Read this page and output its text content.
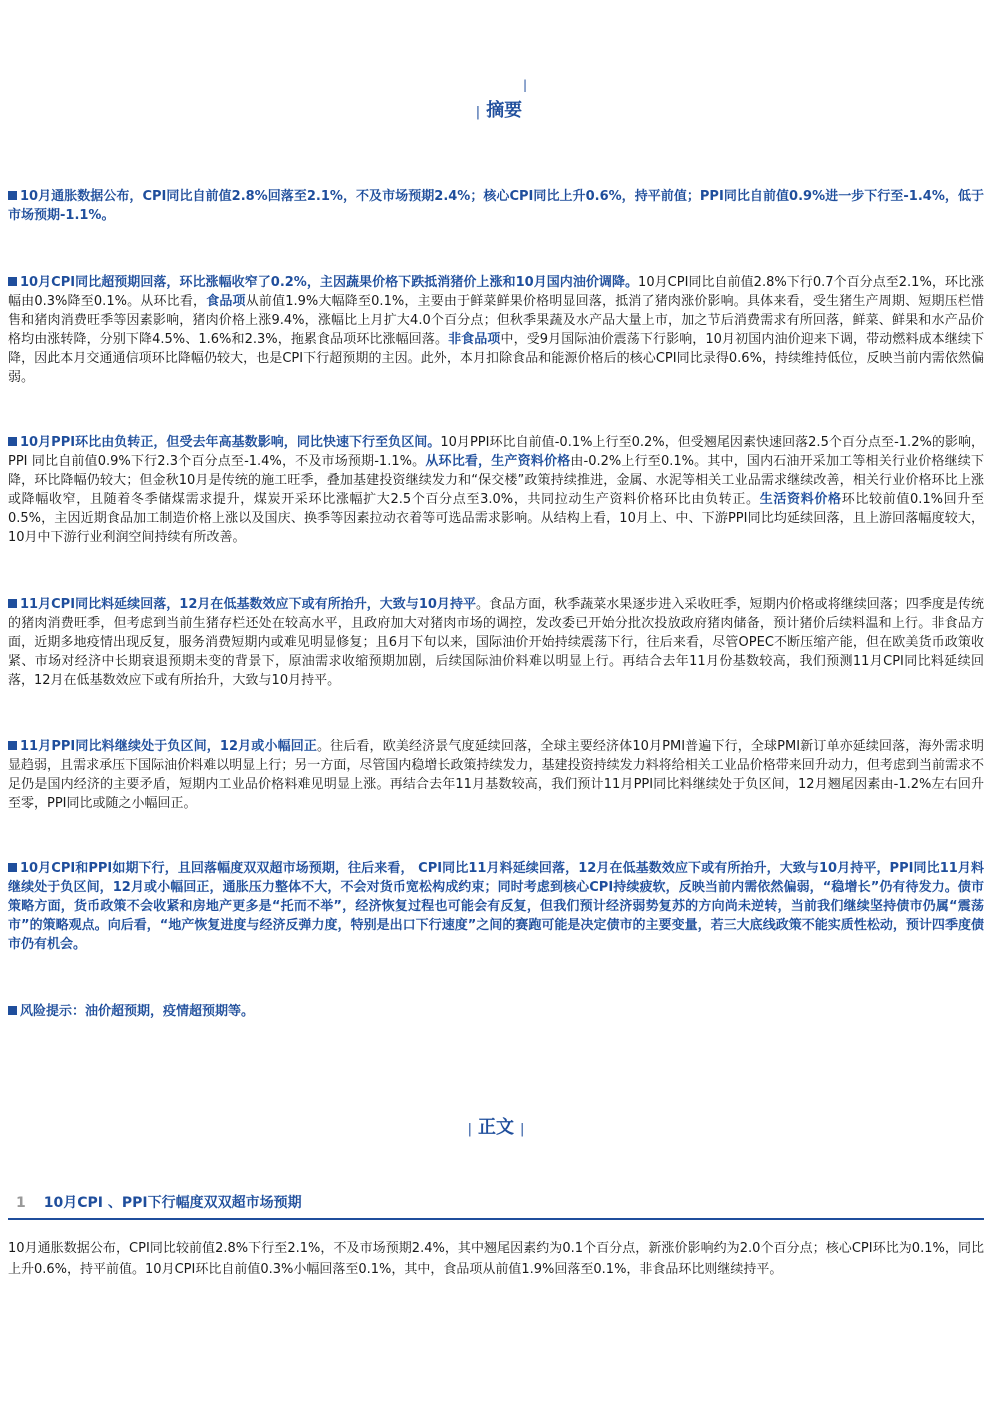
|
| 摘要
10月通胀数据公布，CPI同比自前值2.8%回落至2.1%，不及市场预期2.4%；核心CPI同比上升0.6%，持平前值；PPI同比自前值0.9%进一步下行至-1.4%，低于市场预期-1.1%。
10月CPI同比超预期回落，环比涨幅收窄了0.2%，主因蔬果价格下跌抵消猪价上涨和10月国内油价调降。10月CPI同比自前值2.8%下行0.7个百分点至2.1%，环比涨幅由0.3%降至0.1%。从环比看，食品项从前值1.9%大幅降至0.1%，主要由于鲜菜鲜果价格明显回落，抵消了猪肉涨价影响。具体来看，受生猪生产周期、短期压栏惜售和猪肉消费旺季等因素影响，猪肉价格上涨9.4%，涨幅比上月扩大4.0个百分点；但秋季果蔬及水产品大量上市，加之节后消费需求有所回落，鲜菜、鲜果和水产品价格均由涨转降，分别下降4.5%、1.6%和2.3%，拖累食品项环比涨幅回落。非食品项中，受9月国际油价震荡下行影响，10月初国内油价迎来下调，带动燃料成本继续下降，因此本月交通通信项环比降幅仍较大，也是CPI下行超预期的主因。此外，本月扣除食品和能源价格后的核心CPI同比录得0.6%，持续维持低位，反映当前内需依然偏弱。
10月PPI环比由负转正，但受去年高基数影响，同比快速下行至负区间。10月PPI环比自前值-0.1%上行至0.2%，但受翘尾因素快速回落2.5个百分点至-1.2%的影响，PPI 同比自前值0.9%下行2.3个百分点至-1.4%，不及市场预期-1.1%。从环比看，生产资料价格由-0.2%上行至0.1%。其中，国内石油开采加工等相关行业价格继续下降，环比降幅仍较大；但金秋10月是传统的施工旺季，叠加基建投资继续发力和“保交楼”政策持续推进，金属、水泥等相关工业品需求继续改善，相关行业价格环比上涨或降幅收窄，且随着冬季储煤需求提升，煤炭开采环比涨幅扩大2.5个百分点至3.0%，共同拉动生产资料价格环比由负转正。生活资料价格环比较前值0.1%回升至0.5%，主因近期食品加工制造价格上涨以及国庆、换季等因素拉动衣着等可选品需求影响。从结构上看，10月上、中、下游PPI同比均延续回落，且上游回落幅度较大，10月中下游行业利润空间持续有所改善。
11月CPI同比料延续回落，12月在低基数效应下或有所抬升，大致与10月持平。食品方面，秋季蔬菜水果逐步进入采收旺季，短期内价格或将继续回落；四季度是传统的猪肉消费旺季，但考虑到当前生猪存栏还处在较高水平，且政府加大对猪肉市场的调控，发改委已开始分批次投放政府猪肉储备，预计猪价后续料温和上行。非食品方面，近期多地疫情出现反复，服务消费短期内或难见明显修复；且6月下旬以来，国际油价开始持续震荡下行，往后来看，尽管OPEC不断压缩产能，但在欧美货币政策收紧、市场对经济中长期衰退预期未变的背景下，原油需求收缩预期加剧，后续国际油价料难以明显上行。再结合去年11月份基数较高，我们预测11月CPI同比料延续回落，12月在低基数效应下或有所抬升，大致与10月持平。
11月PPI同比料继续处于负区间，12月或小幅回正。往后看，欧美经济景气度延续回落，全球主要经济体10月PMI普遍下行，全球PMI新订单亦延续回落，海外需求明显趋弱，且需求承压下国际油价料难以明显上行；另一方面，尽管国内稳增长政策持续发力，基建投资持续发力料将给相关工业品价格带来回升动力，但考虑到当前需求不足仍是国内经济的主要矛盾，短期内工业品价格料难见明显上涨。再结合去年11月基数较高，我们预计11月PPI同比料继续处于负区间，12月翘尾因素由-1.2%左右回升至零，PPI同比或随之小幅回正。
10月CPI和PPI如期下行，且回落幅度双双超市场预期，往后来看， CPI同比11月料延续回落，12月在低基数效应下或有所抬升，大致与10月持平，PPI同比11月料继续处于负区间，12月或小幅回正，通胀压力整体不大，不会对货币宽松构成约束；同时考虑到核心CPI持续疲软，反映当前内需依然偏弱，“稳增长”仍有待发力。债市策略方面，货币政策不会收紧和房地产更多是“托而不举”，经济恢复过程也可能会有反复，但我们预计经济弱势复苏的方向尚未逆转，当前我们继续坚持债市仍属“震荡市”的策略观点。向后看，“地产恢复进度与经济反弹力度，特别是出口下行速度”之间的赛跑可能是决定债市的主要变量，若三大底线政策不能实质性松动，预计四季度债市仍有机会。
风险提示：油价超预期，疫情超预期等。
| 正文 |
1 10月CPI 、PPI下行幅度双双超市场预期
10月通胀数据公布，CPI同比较前值2.8%下行至2.1%，不及市场预期2.4%，其中翘尾因素约为0.1个百分点，新涨价影响约为2.0个百分点；核心CPI环比为0.1%，同比上升0.6%，持平前值。10月CPI环比自前值0.3%小幅回落至0.1%，其中，食品项从前值1.9%回落至0.1%，非食品环比则继续持平。
